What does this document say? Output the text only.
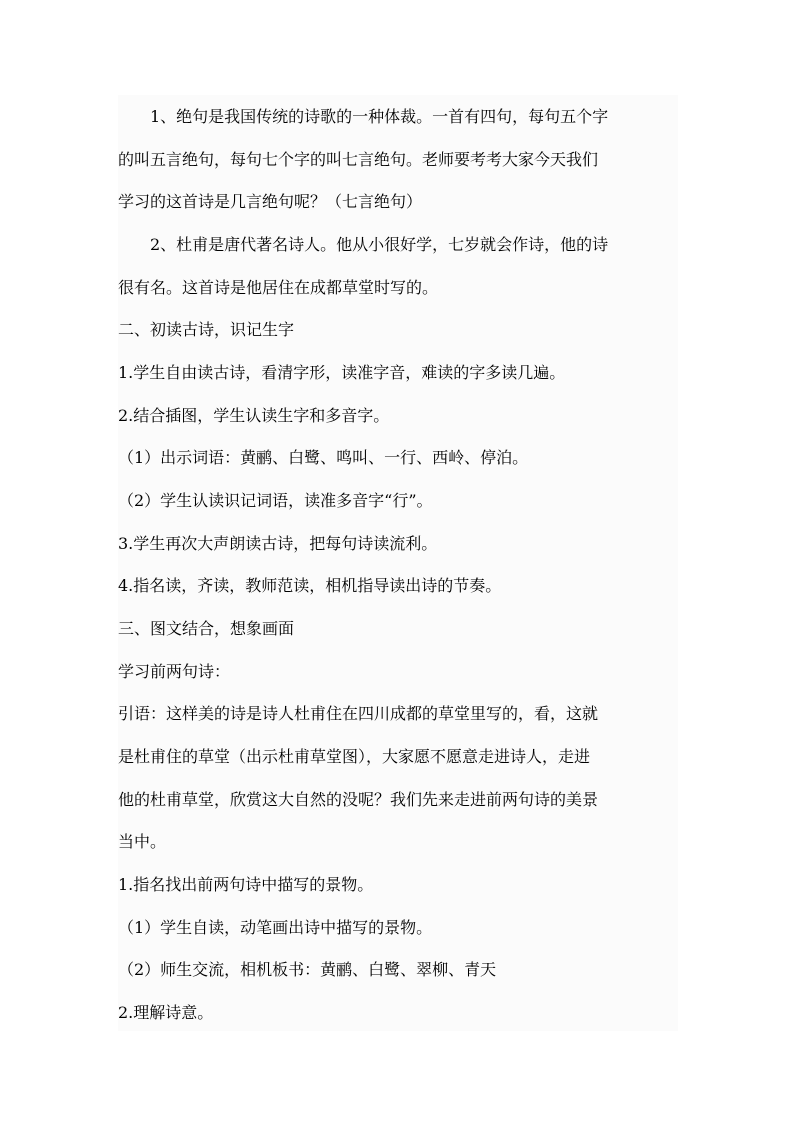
1、绝句是我国传统的诗歌的一种体裁。一首有四句，每句五个字
的叫五言绝句，每句七个字的叫七言绝句。老师要考考大家今天我们
学习的这首诗是几言绝句呢？（七言绝句）
2、杜甫是唐代著名诗人。他从小很好学，七岁就会作诗，他的诗
很有名。这首诗是他居住在成都草堂时写的。
二、初读古诗，识记生字
1.学生自由读古诗，看清字形，读准字音，难读的字多读几遍。
2.结合插图，学生认读生字和多音字。
（1）出示词语：黄鹂、白鹭、鸣叫、一行、西岭、停泊。
（2）学生认读识记词语，读准多音字“行”。
3.学生再次大声朗读古诗，把每句诗读流利。
4.指名读，齐读，教师范读，相机指导读出诗的节奏。
三、图文结合，想象画面
学习前两句诗：
引语：这样美的诗是诗人杜甫住在四川成都的草堂里写的，看，这就
是杜甫住的草堂（出示杜甫草堂图），大家愿不愿意走进诗人，走进
他的杜甫草堂，欣赏这大自然的没呢？我们先来走进前两句诗的美景
当中。
1.指名找出前两句诗中描写的景物。
（1）学生自读，动笔画出诗中描写的景物。
（2）师生交流，相机板书：黄鹂、白鹭、翠柳、青天
2.理解诗意。
